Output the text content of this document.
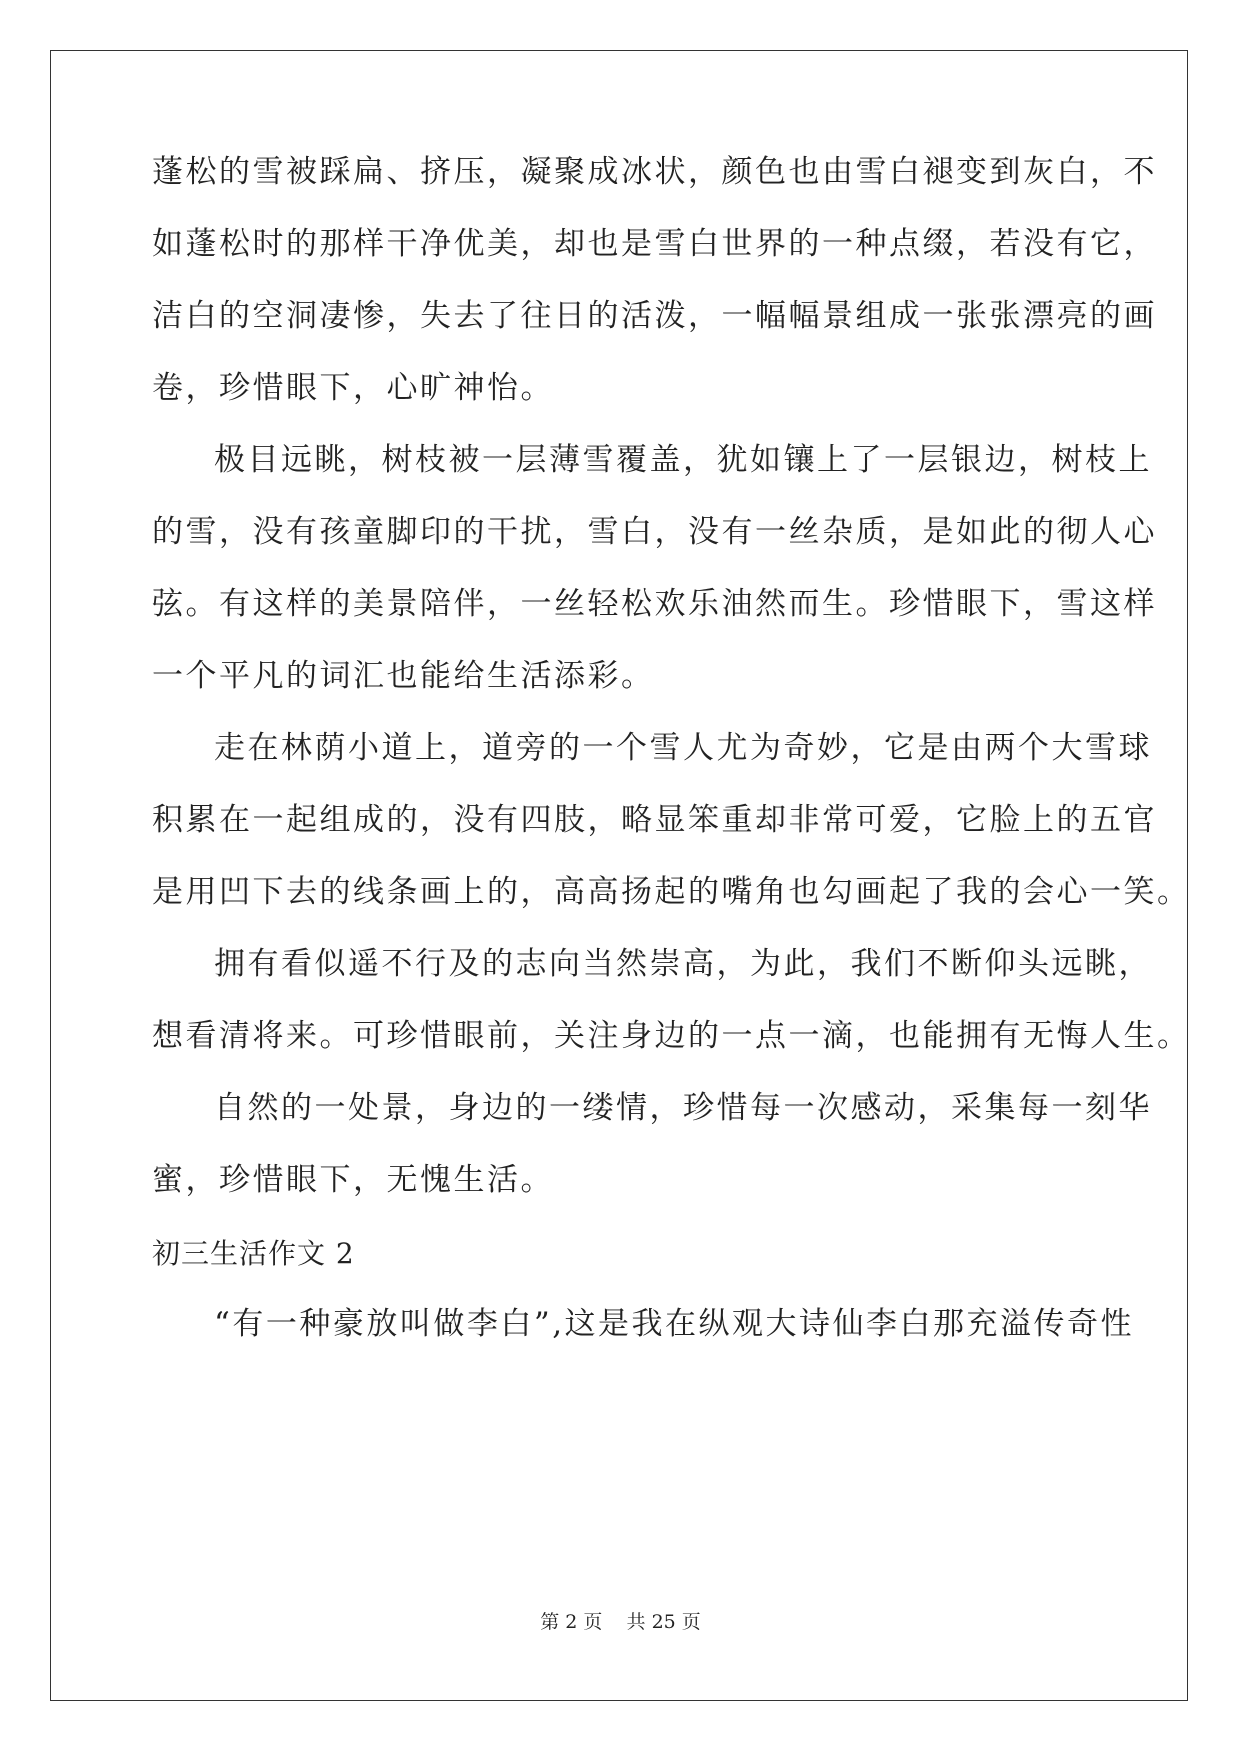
蓬松的雪被踩扁、挤压，凝聚成冰状，颜色也由雪白褪变到灰白，不
如蓬松时的那样干净优美，却也是雪白世界的一种点缀，若没有它，
洁白的空洞凄惨，失去了往日的活泼，一幅幅景组成一张张漂亮的画
卷，珍惜眼下，心旷神怡。
极目远眺，树枝被一层薄雪覆盖，犹如镶上了一层银边，树枝上
的雪，没有孩童脚印的干扰，雪白，没有一丝杂质，是如此的彻人心
弦。有这样的美景陪伴，一丝轻松欢乐油然而生。珍惜眼下，雪这样
一个平凡的词汇也能给生活添彩。
走在林荫小道上，道旁的一个雪人尤为奇妙，它是由两个大雪球
积累在一起组成的，没有四肢，略显笨重却非常可爱，它脸上的五官
是用凹下去的线条画上的，高高扬起的嘴角也勾画起了我的会心一笑。
拥有看似遥不行及的志向当然崇高，为此，我们不断仰头远眺，
想看清将来。可珍惜眼前，关注身边的一点一滴，也能拥有无悔人生。
自然的一处景，身边的一缕情，珍惜每一次感动，采集每一刻华
蜜，珍惜眼下，无愧生活。
初三生活作文 2
“有一种豪放叫做李白”,这是我在纵观大诗仙李白那充溢传奇性
第 2 页    共 25 页
